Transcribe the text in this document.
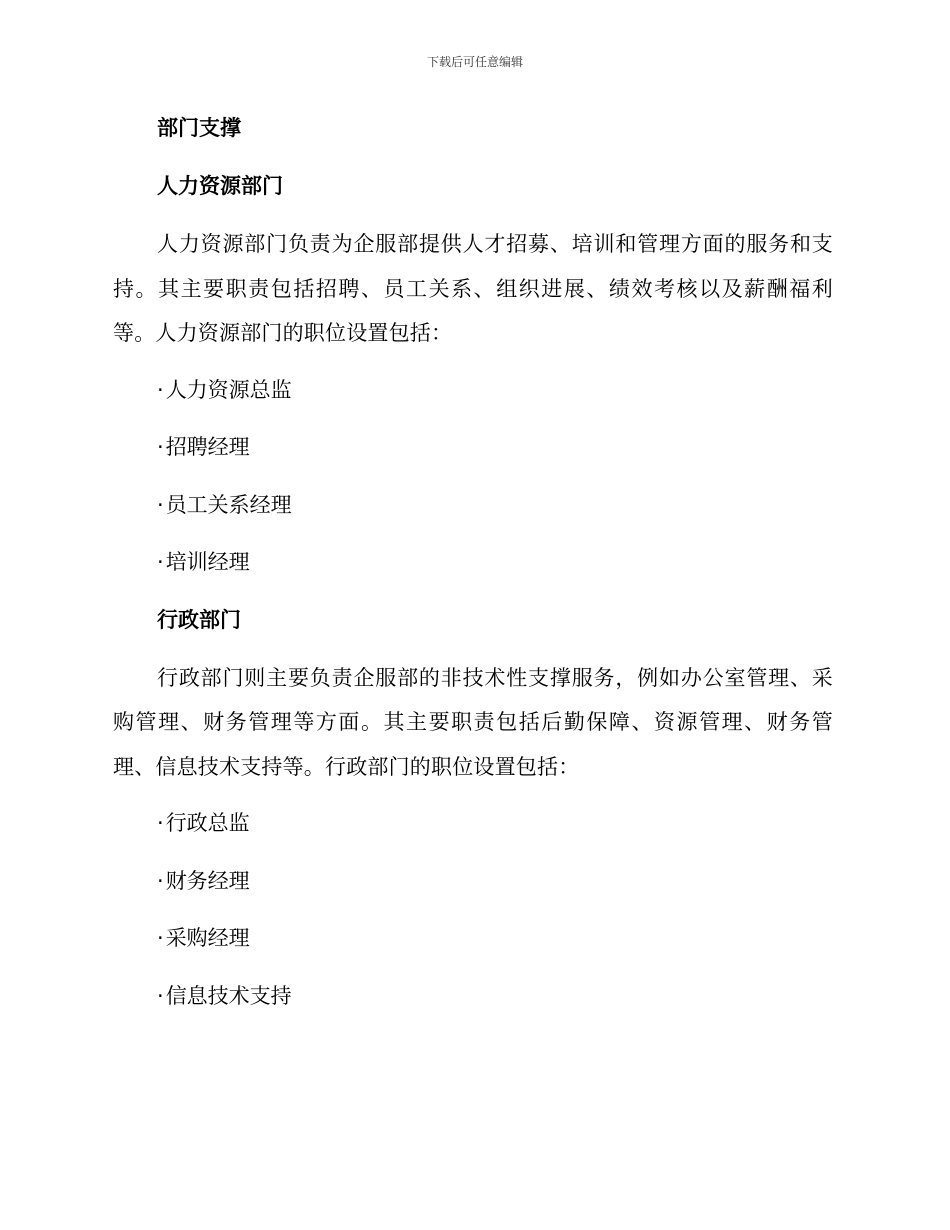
下载后可任意编辑
部门支撑
人力资源部门

人力资源部门负责为企服部提供人才招募、培训和管理方面的服务和支持。其主要职责包括招聘、员工关系、组织进展、绩效考核以及薪酬福利等。人力资源部门的职位设置包括：

·人力资源总监
·招聘经理
·员工关系经理
·培训经理
行政部门

行政部门则主要负责企服部的非技术性支撑服务，例如办公室管理、采购管理、财务管理等方面。其主要职责包括后勤保障、资源管理、财务管理、信息技术支持等。行政部门的职位设置包括：

·行政总监
·财务经理
·采购经理
·信息技术支持
